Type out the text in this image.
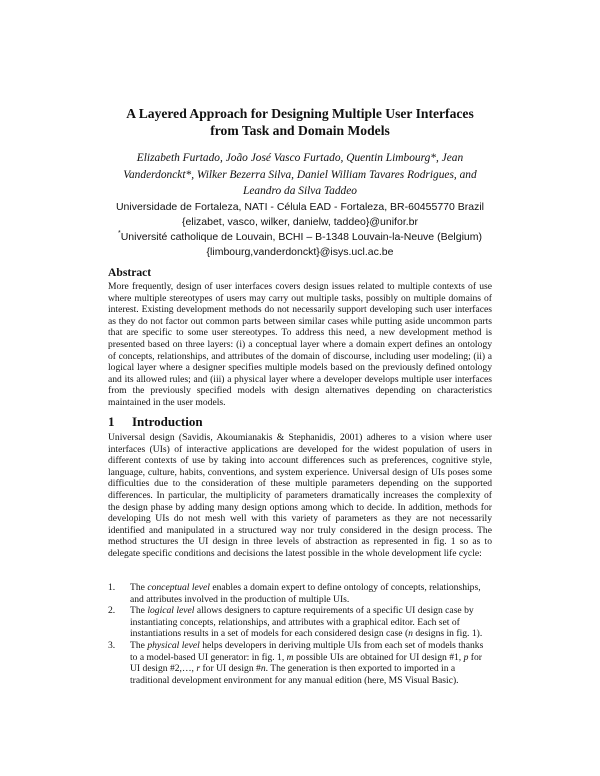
A Layered Approach for Designing Multiple User Interfaces
from Task and Domain Models
Elizabeth Furtado, João José Vasco Furtado, Quentin Limbourg*, Jean
Vanderdonckt*, Wilker Bezerra Silva, Daniel William Tavares Rodrigues, and
Leandro da Silva Taddeo
Universidade de Fortaleza, NATI - Célula EAD - Fortaleza, BR-60455770 Brazil
{elizabet, vasco, wilker, danielw, taddeo}@unifor.br
*Université catholique de Louvain, BCHI – B-1348 Louvain-la-Neuve (Belgium)
{limbourg,vanderdonckt}@isys.ucl.ac.be
Abstract
More frequently, design of user interfaces covers design issues related to multiple contexts of use where multiple stereotypes of users may carry out multiple tasks, possibly on multiple domains of interest. Existing development methods do not necessarily support developing such user interfaces as they do not factor out common parts between similar cases while putting aside uncommon parts that are specific to some user stereotypes. To address this need, a new development method is presented based on three layers: (i) a conceptual layer where a domain expert defines an ontology of concepts, relationships, and attributes of the domain of discourse, including user modeling; (ii) a logical layer where a designer specifies multiple models based on the previously defined ontology and its allowed rules; and (iii) a physical layer where a developer develops multiple user interfaces from the previously specified models with design alternatives depending on characteristics maintained in the user models.
1 Introduction
Universal design (Savidis, Akoumianakis & Stephanidis, 2001) adheres to a vision where user interfaces (UIs) of interactive applications are developed for the widest population of users in different contexts of use by taking into account differences such as preferences, cognitive style, language, culture, habits, conventions, and system experience. Universal design of UIs poses some difficulties due to the consideration of these multiple parameters depending on the supported differences. In particular, the multiplicity of parameters dramatically increases the complexity of the design phase by adding many design options among which to decide. In addition, methods for developing UIs do not mesh well with this variety of parameters as they are not necessarily identified and manipulated in a structured way nor truly considered in the design process. The method structures the UI design in three levels of abstraction as represented in fig. 1 so as to delegate specific conditions and decisions the latest possible in the whole development life cycle:
1.	The conceptual level enables a domain expert to define ontology of concepts, relationships, and attributes involved in the production of multiple UIs.
2.	The logical level allows designers to capture requirements of a specific UI design case by instantiating concepts, relationships, and attributes with a graphical editor. Each set of instantiations results in a set of models for each considered design case (n designs in fig. 1).
3.	The physical level helps developers in deriving multiple UIs from each set of models thanks to a model-based UI generator: in fig. 1, m possible UIs are obtained for UI design #1, p for UI design #2,…, r for UI design #n. The generation is then exported to imported in a traditional development environment for any manual edition (here, MS Visual Basic).
